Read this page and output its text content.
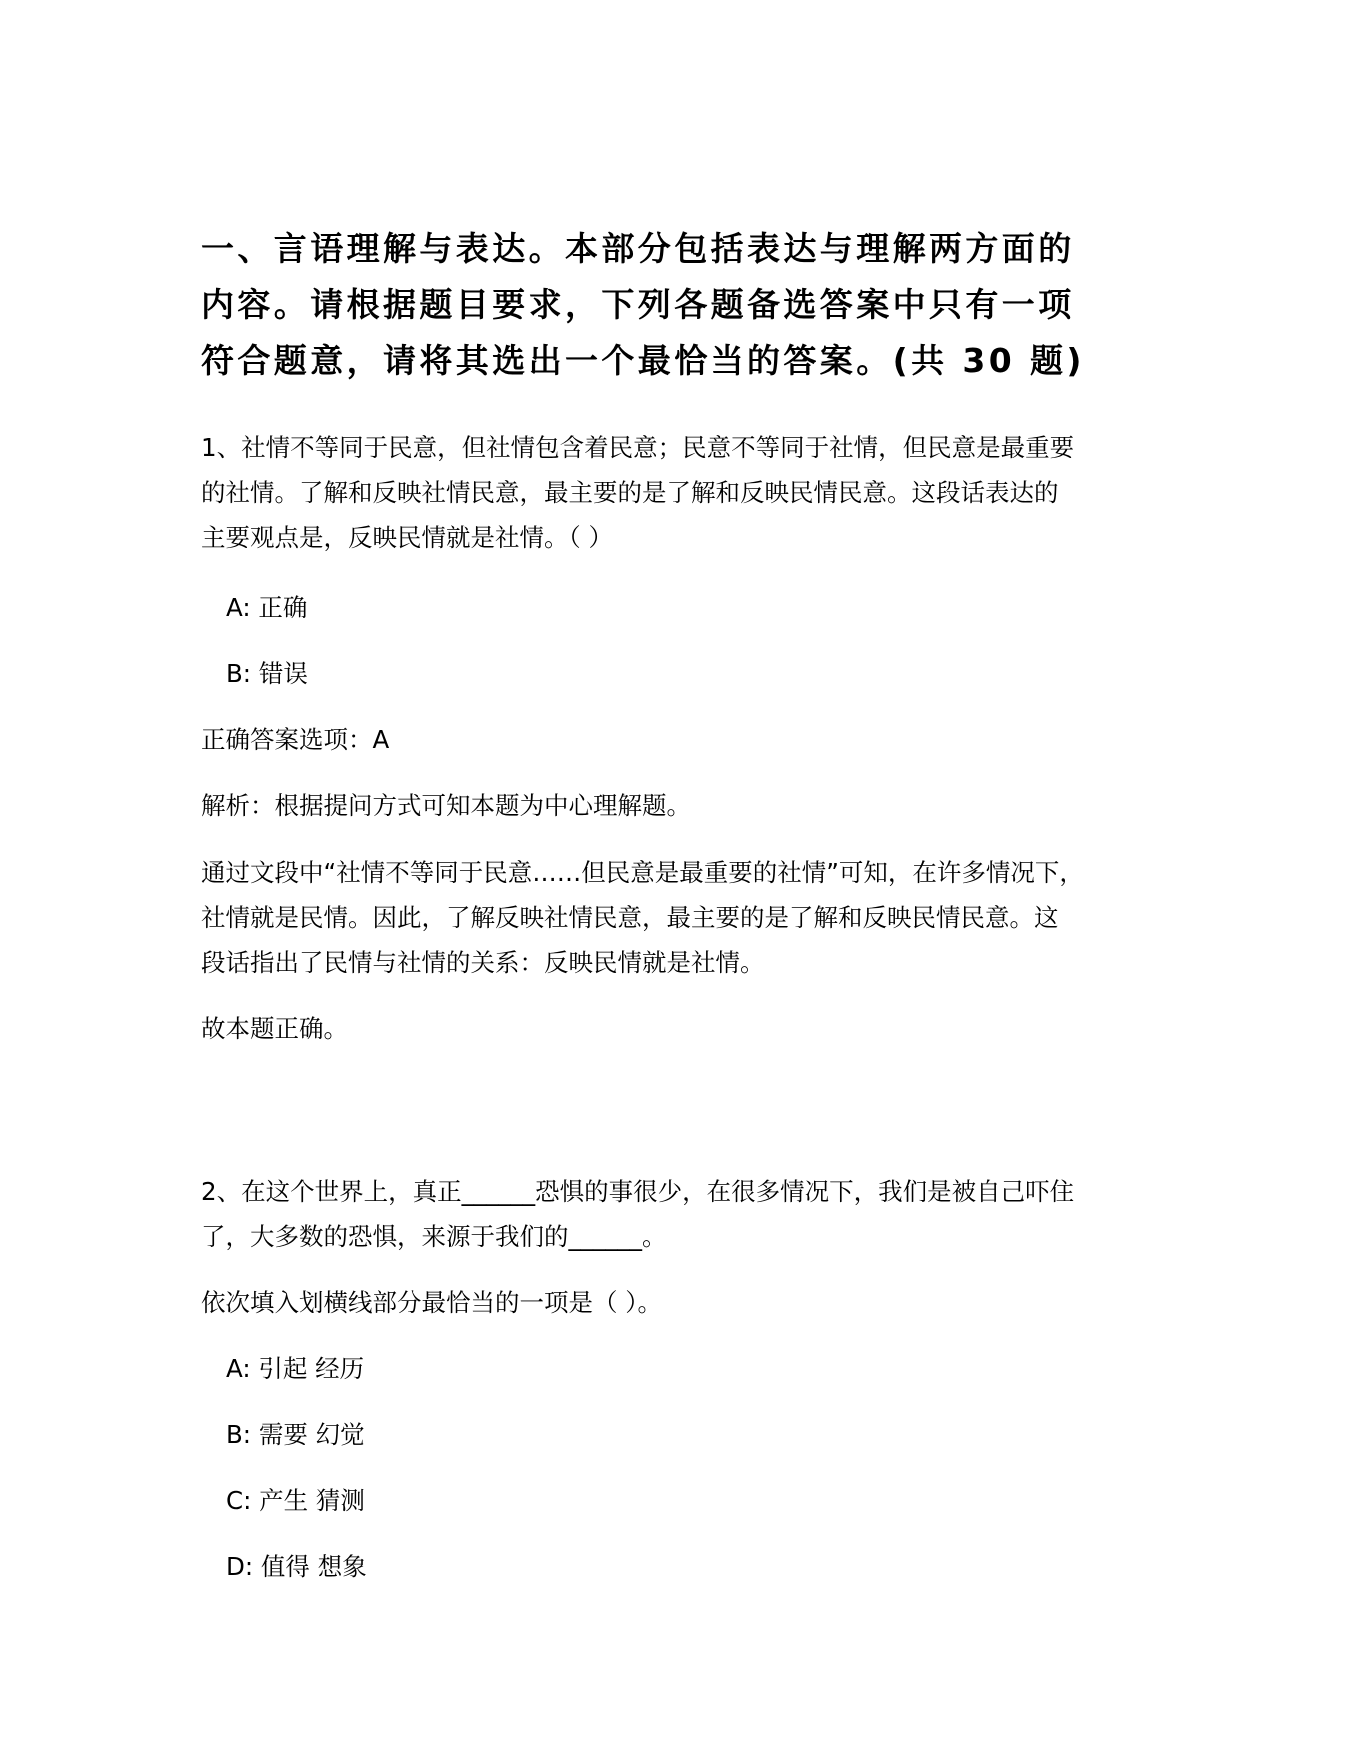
一、言语理解与表达。本部分包括表达与理解两方面的
内容。请根据题目要求，下列各题备选答案中只有一项
符合题意，请将其选出一个最恰当的答案。(共 30 题)
1、社情不等同于民意，但社情包含着民意；民意不等同于社情，但民意是最重要
的社情。了解和反映社情民意，最主要的是了解和反映民情民意。这段话表达的
主要观点是，反映民情就是社情。（ ）
A: 正确
B: 错误
正确答案选项：A
解析：根据提问方式可知本题为中心理解题。
通过文段中“社情不等同于民意……但民意是最重要的社情”可知，在许多情况下，
社情就是民情。因此，了解反映社情民意，最主要的是了解和反映民情民意。这
段话指出了民情与社情的关系：反映民情就是社情。
故本题正确。
2、在这个世界上，真正______恐惧的事很少，在很多情况下，我们是被自己吓住
了，大多数的恐惧，来源于我们的______。
依次填入划横线部分最恰当的一项是（ ）。
A: 引起 经历
B: 需要 幻觉
C: 产生 猜测
D: 值得 想象
